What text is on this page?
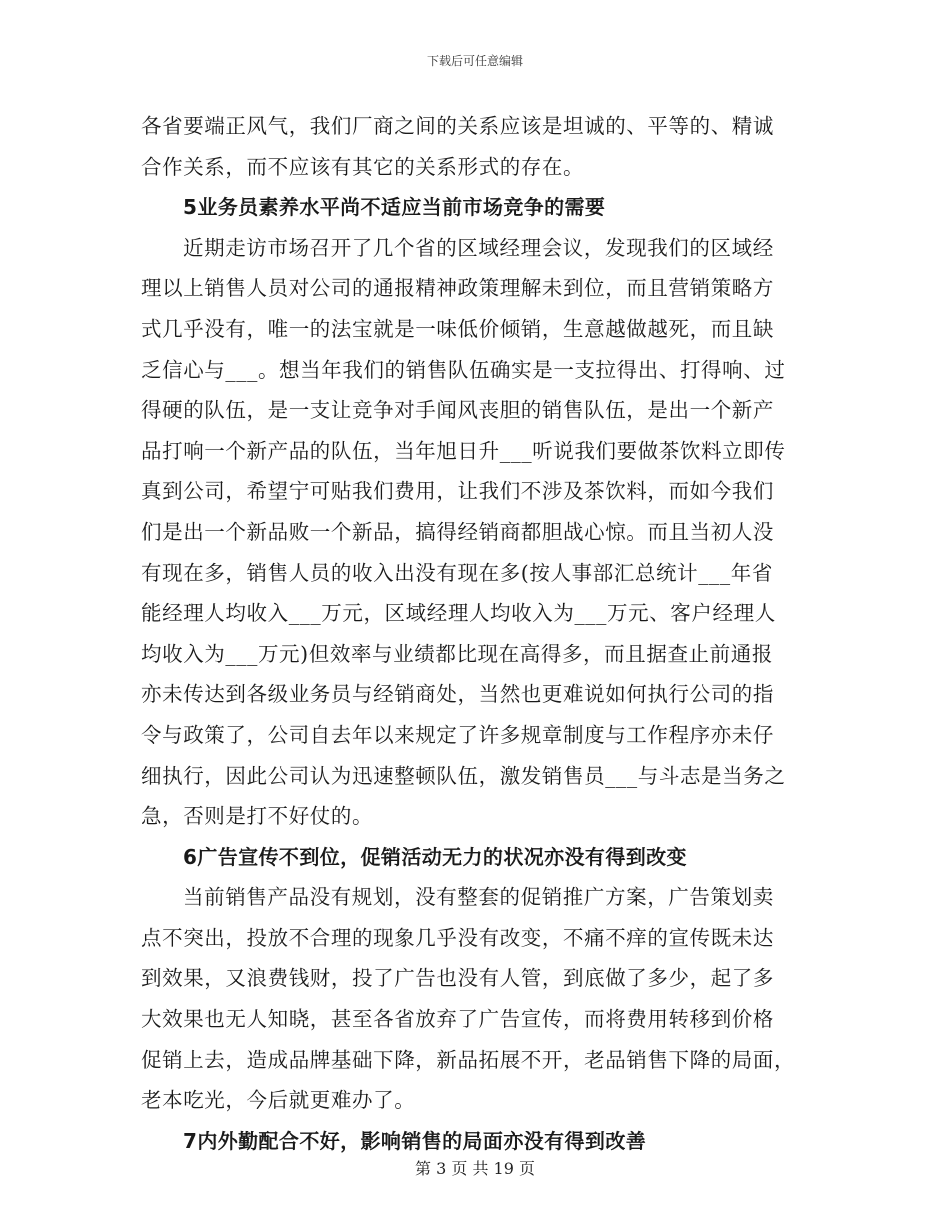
下载后可任意编辑
各省要端正风气，我们厂商之间的关系应该是坦诚的、平等的、精诚
合作关系，而不应该有其它的关系形式的存在。
5业务员素养水平尚不适应当前市场竞争的需要
近期走访市场召开了几个省的区域经理会议，发现我们的区域经
理以上销售人员对公司的通报精神政策理解未到位，而且营销策略方
式几乎没有，唯一的法宝就是一味低价倾销，生意越做越死，而且缺
乏信心与___。想当年我们的销售队伍确实是一支拉得出、打得响、过
得硬的队伍，是一支让竞争对手闻风丧胆的销售队伍，是出一个新产
品打响一个新产品的队伍，当年旭日升___听说我们要做茶饮料立即传
真到公司，希望宁可贴我们费用，让我们不涉及茶饮料，而如今我们
们是出一个新品败一个新品，搞得经销商都胆战心惊。而且当初人没
有现在多，销售人员的收入出没有现在多(按人事部汇总统计___年省
能经理人均收入___万元，区域经理人均收入为___万元、客户经理人
均收入为___万元)但效率与业绩都比现在高得多，而且据查止前通报
亦未传达到各级业务员与经销商处，当然也更难说如何执行公司的指
令与政策了，公司自去年以来规定了许多规章制度与工作程序亦未仔
细执行，因此公司认为迅速整顿队伍，激发销售员___与斗志是当务之
急，否则是打不好仗的。
6广告宣传不到位，促销活动无力的状况亦没有得到改变
当前销售产品没有规划，没有整套的促销推广方案，广告策划卖
点不突出，投放不合理的现象几乎没有改变，不痛不痒的宣传既未达
到效果，又浪费钱财，投了广告也没有人管，到底做了多少，起了多
大效果也无人知晓，甚至各省放弃了广告宣传，而将费用转移到价格
促销上去，造成品牌基础下降，新品拓展不开，老品销售下降的局面，
老本吃光，今后就更难办了。
7内外勤配合不好，影响销售的局面亦没有得到改善
第 3 页 共 19 页
